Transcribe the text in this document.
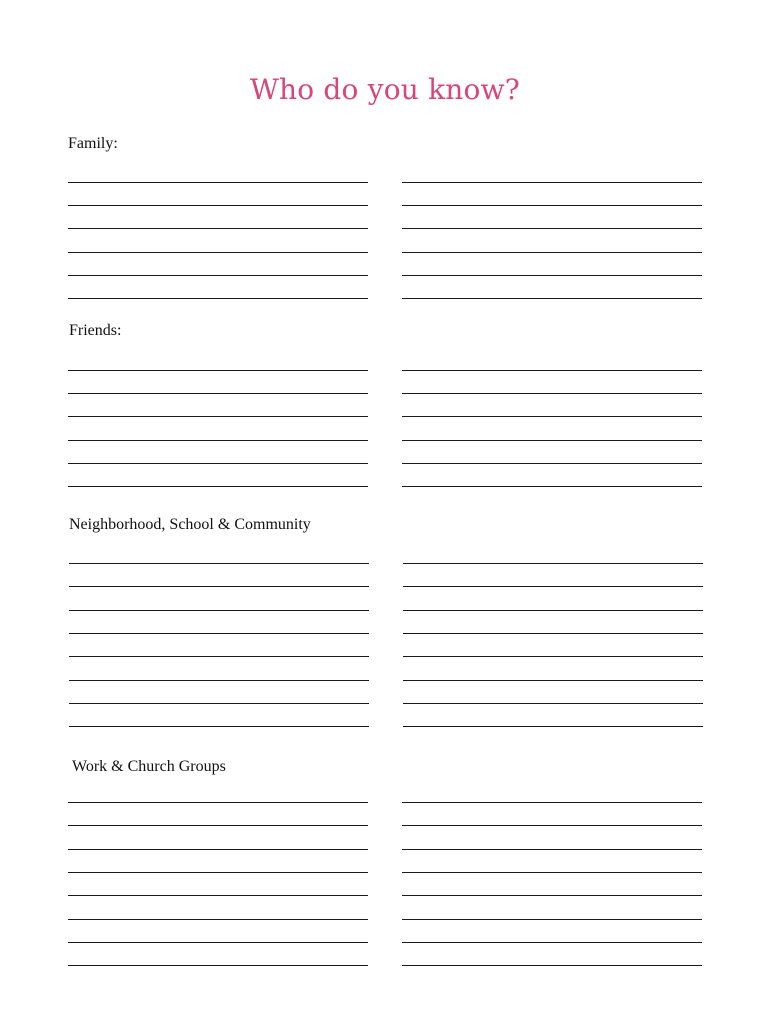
Who do you know?
Family:
Friends:
Neighborhood, School & Community
Work & Church Groups
